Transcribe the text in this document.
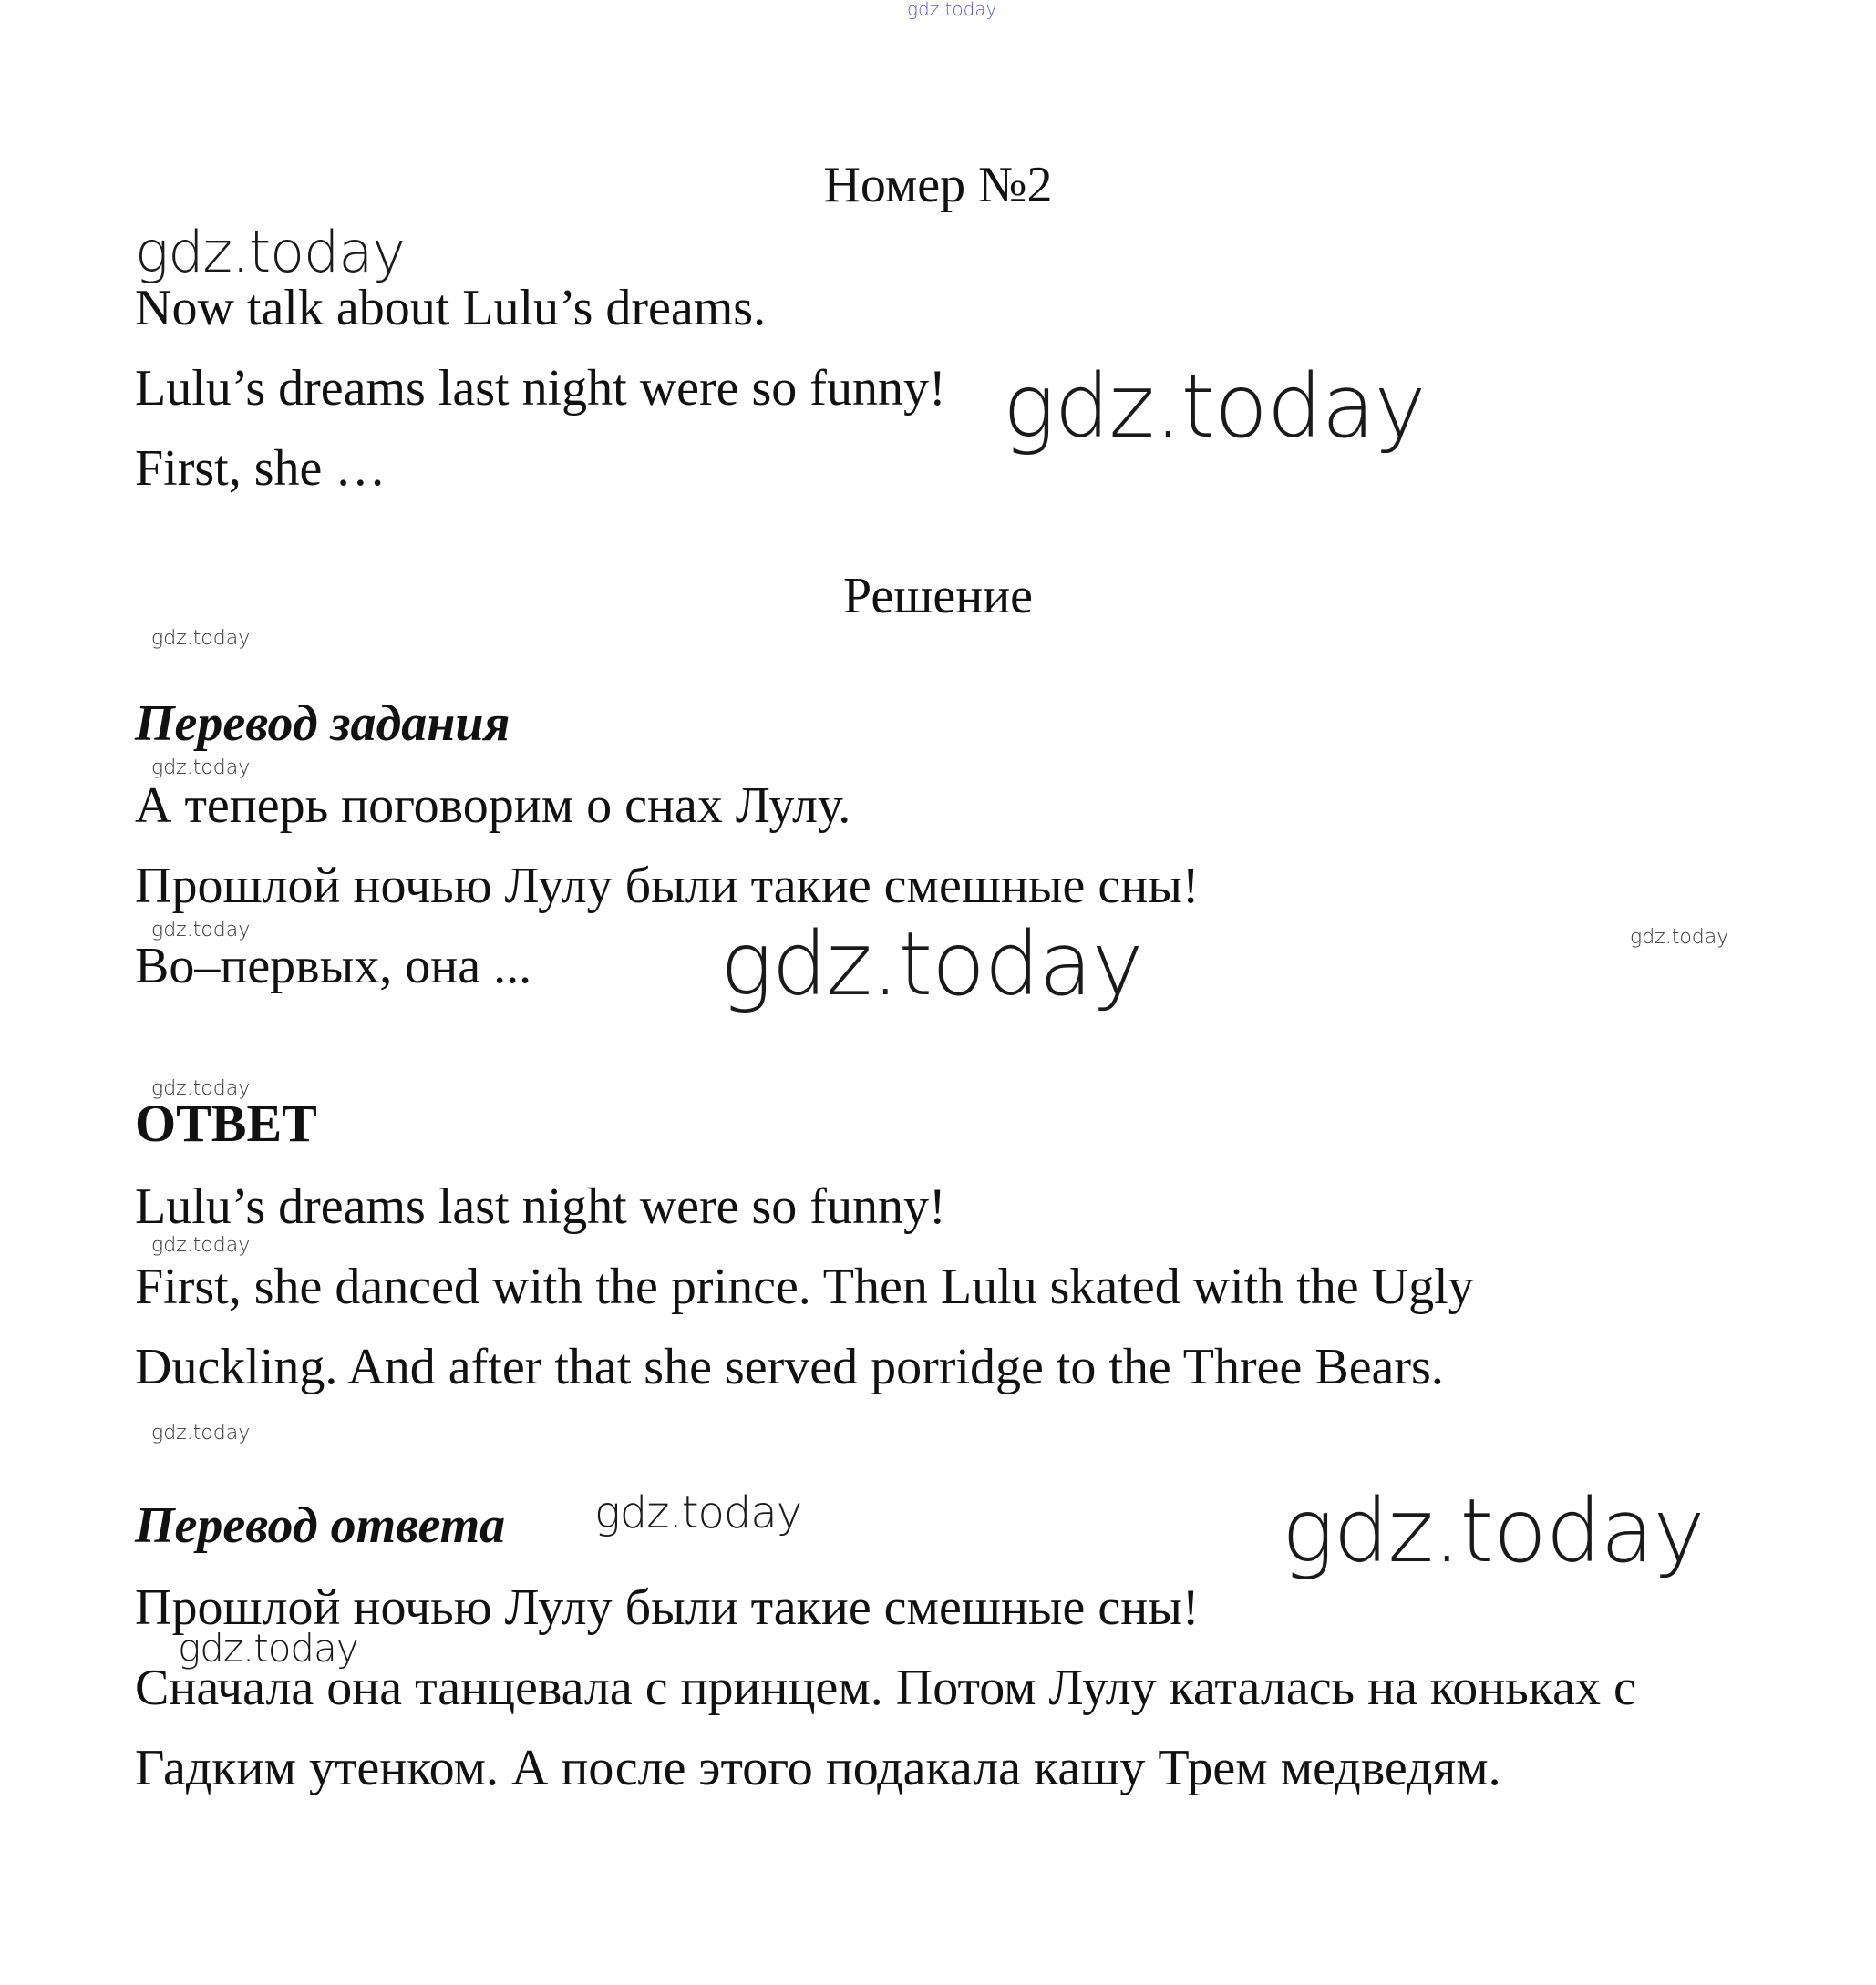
gdz.today
gdz.today
gdz.today
gdz.today
gdz.today
gdz.today	gdz.today
gdz.today
gdz.today
gdz.today
gdz.today
gdz.today	gdz.today
gdz.today
Номер №2
Now talk about Lulu’s dreams.
Lulu’s dreams last night were so funny!
First, she …
Решение
Перевод задания
А теперь поговорим о снах Лулу.
Прошлой ночью Лулу были такие смешные сны!
Во–первых, она ...
ОТВЕТ
Lulu’s dreams last night were so funny!
First, she danced with the prince. Then Lulu skated with the Ugly
Duckling. And after that she served porridge to the Three Bears.
Перевод ответа
Прошлой ночью Лулу были такие смешные сны!
Сначала она танцевала с принцем. Потом Лулу каталась на коньках с
Гадким утенком. А после этого подакала кашу Трем медведям.
